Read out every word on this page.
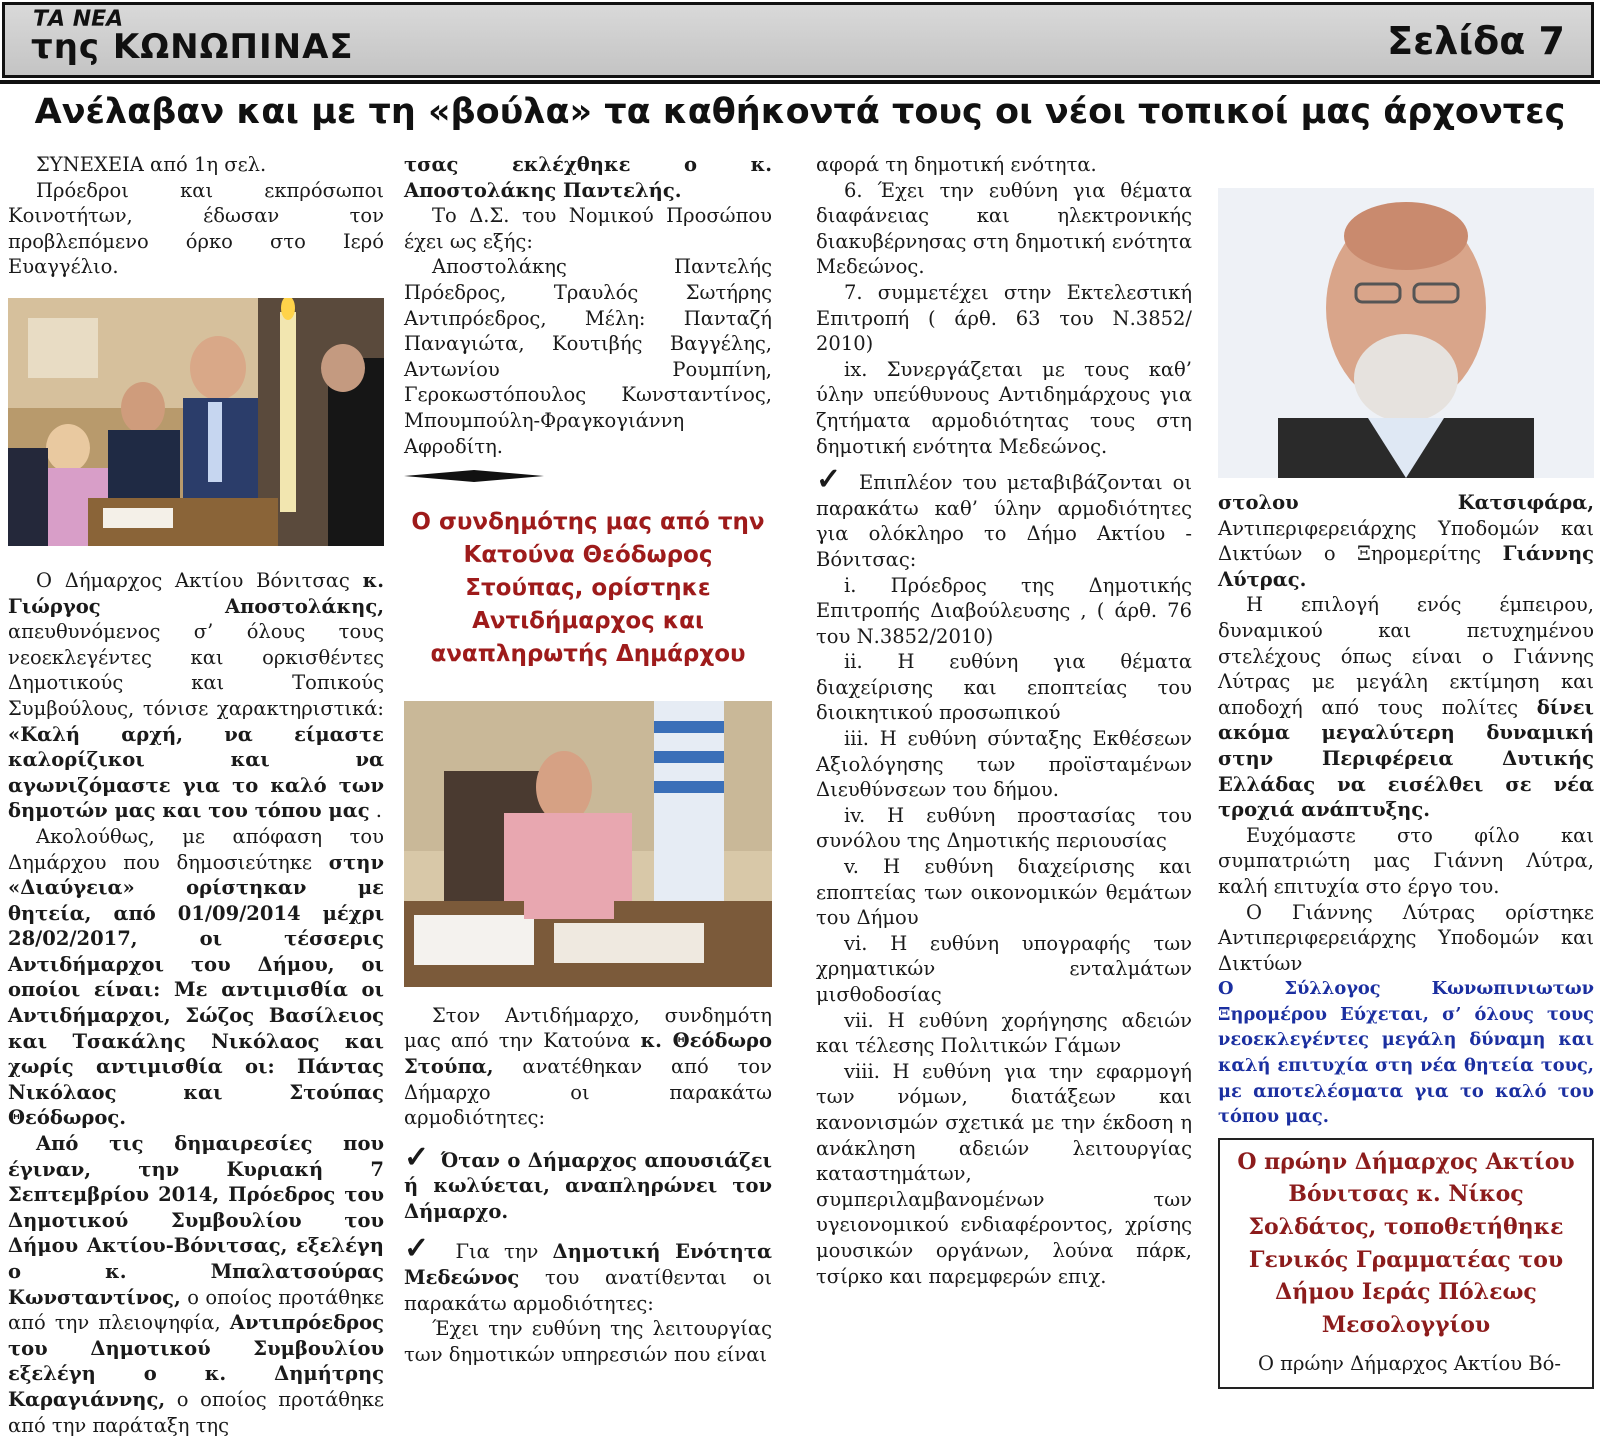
ΤΑ ΝΕΑ
της ΚΩΝΩΠΙΝΑΣ	Σελίδα 7
Ανέλαβαν και με τη «βούλα» τα καθήκοντά τους οι νέοι τοπικοί μας άρχοντες

ΣΥΝΕΧΕΙΑ από 1η σελ.

Πρόεδροι και εκπρόσωποι Κοινοτήτων, έδωσαν τον προβλεπόμενο όρκο στο Ιερό Ευαγγέλιο.

Ο Δήμαρχος Ακτίου Βόνιτσας κ. Γιώργος Αποστολάκης, απευθυνόμενος σ’ όλους τους νεοεκλεγέντες και ορκισθέντες Δημοτικούς και Τοπικούς Συμβούλους, τόνισε χαρακτηριστικά: «Καλή αρχή, να είμαστε καλορίζικοι και να αγωνιζόμαστε για το καλό των δημοτών μας και του τόπου μας .

Ακολούθως, με απόφαση του Δημάρχου που δημοσιεύτηκε στην «Διαύγεια» ορίστηκαν με θητεία, από 01/09/2014 μέχρι 28/02/2017, οι τέσσερις Αντιδήμαρχοι του Δήμου, οι οποίοι είναι: Με αντιμισθία οι Αντιδήμαρχοι, Σώζος Βασίλειος και Τσακάλης Νικόλαος και χωρίς αντιμισθία οι: Πάντας Νικόλαος και Στούπας Θεόδωρος.

Από τις δημαιρεσίες που έγιναν, την Κυριακή 7 Σεπτεμβρίου 2014, Πρόεδρος του Δημοτικού Συμβουλίου του Δήμου Ακτίου-Βόνιτσας, εξελέγη ο κ. Μπαλατσούρας Κωνσταντίνος, ο οποίος προτάθηκε από την πλειοψηφία, Αντιπρόεδρος του Δημοτικού Συμβουλίου εξελέγη ο κ. Δημήτρης Καραγιάννης, ο οποίος προτάθηκε από την παράταξη της

τσας εκλέχθηκε ο κ. Αποστολάκης Παντελής.

Το Δ.Σ. του Νομικού Προσώπου έχει ως εξής:

Αποστολάκης Παντελής Πρόεδρος, Τραυλός Σωτήρης Αντιπρόεδρος, Μέλη: Πανταζή Παναγιώτα, Κουτιβής Βαγγέλης, Αντωνίου Ρουμπίνη, Γεροκωστόπουλος Κωνσταντίνος, Μπουμπούλη-Φραγκογιάννη Αφροδίτη.

Ο συνδημότης μας από την Κατούνα Θεόδωρος Στούπας, ορίστηκε Αντιδήμαρχος και αναπληρωτής Δημάρχου

Στον Αντιδήμαρχο, συνδημότη μας από την Κατούνα κ. Θεόδωρο Στούπα, ανατέθηκαν από τον Δήμαρχο οι παρακάτω αρμοδιότητες:

✓ Όταν ο Δήμαρχος απουσιάζει ή κωλύεται, αναπληρώνει τον Δήμαρχο.

✓ Για την Δημοτική Ενότητα Μεδεώνος του ανατίθενται οι παρακάτω αρμοδιότητες:

Έχει την ευθύνη της λειτουργίας των δημοτικών υπηρεσιών που είναι

αφορά τη δημοτική ενότητα.

6. Έχει την ευθύνη για θέματα διαφάνειας και ηλεκτρονικής διακυβέρνησας στη δημοτική ενότητα Μεδεώνος.

7. συμμετέχει στην Εκτελεστική Επιτροπή ( άρθ. 63 του Ν.3852/ 2010)

ix. Συνεργάζεται με τους καθ’ ύλην υπεύθυνους Αντιδημάρχους για ζητήματα αρμοδιότητας τους στη δημοτική ενότητα Μεδεώνος.

✓ Επιπλέον του μεταβιβάζονται οι παρακάτω καθ’ ύλην αρμοδιότητες για ολόκληρο το Δήμο Ακτίου - Βόνιτσας:

i. Πρόεδρος της Δημοτικής Επιτροπής Διαβούλευσης , ( άρθ. 76 του Ν.3852/2010)

ii. Η ευθύνη για θέματα διαχείρισης και εποπτείας του διοικητικού προσωπικού

iii. Η ευθύνη σύνταξης Εκθέσεων Αξιολόγησης των προϊσταμένων Διευθύνσεων του δήμου.

iv. Η ευθύνη προστασίας του συνόλου της Δημοτικής περιουσίας

v. Η ευθύνη διαχείρισης και εποπτείας των οικονομικών θεμάτων του Δήμου

vi. Η ευθύνη υπογραφής των χρηματικών ενταλμάτων μισθοδοσίας

vii. Η ευθύνη χορήγησης αδειών και τέλεσης Πολιτικών Γάμων

viii. Η ευθύνη για την εφαρμογή των νόμων, διατάξεων και κανονισμών σχετικά με την έκδοση η ανάκληση αδειών λειτουργίας καταστημάτων, συμπεριλαμβανομένων των υγειονομικού ενδιαφέροντος, χρίσης μουσικών οργάνων, λούνα πάρκ, τσίρκο και παρεμφερών επιχ.

στολου Κατσιφάρα, Αντιπεριφερειάρχης Υποδομών και Δικτύων ο Ξηρομερίτης Γιάννης Λύτρας.

Η επιλογή ενός έμπειρου, δυναμικού και πετυχημένου στελέχους όπως είναι ο Γιάννης Λύτρας με μεγάλη εκτίμηση και αποδοχή από τους πολίτες δίνει ακόμα μεγαλύτερη δυναμική στην Περιφέρεια Δυτικής Ελλάδας να εισέλθει σε νέα τροχιά ανάπτυξης.

Ευχόμαστε στο φίλο και συμπατριώτη μας Γιάννη Λύτρα, καλή επιτυχία στο έργο του.

Ο Γιάννης Λύτρας ορίστηκε Αντιπεριφερειάρχης Υποδομών και Δικτύων

Ο Σύλλογος Κωνωπινιωτων Ξηρομέρου Εύχεται, σ’ όλους τους νεοεκλεγέντες μεγάλη δύναμη και καλή επιτυχία στη νέα θητεία τους, με αποτελέσματα για το καλό του τόπου μας.

Ο πρώην Δήμαρχος Ακτίου Βόνιτσας κ. Νίκος Σολδάτος, τοποθετήθηκε Γενικός Γραμματέας του Δήμου Ιεράς Πόλεως Μεσολογγίου

Ο πρώην Δήμαρχος Ακτίου Βό-
